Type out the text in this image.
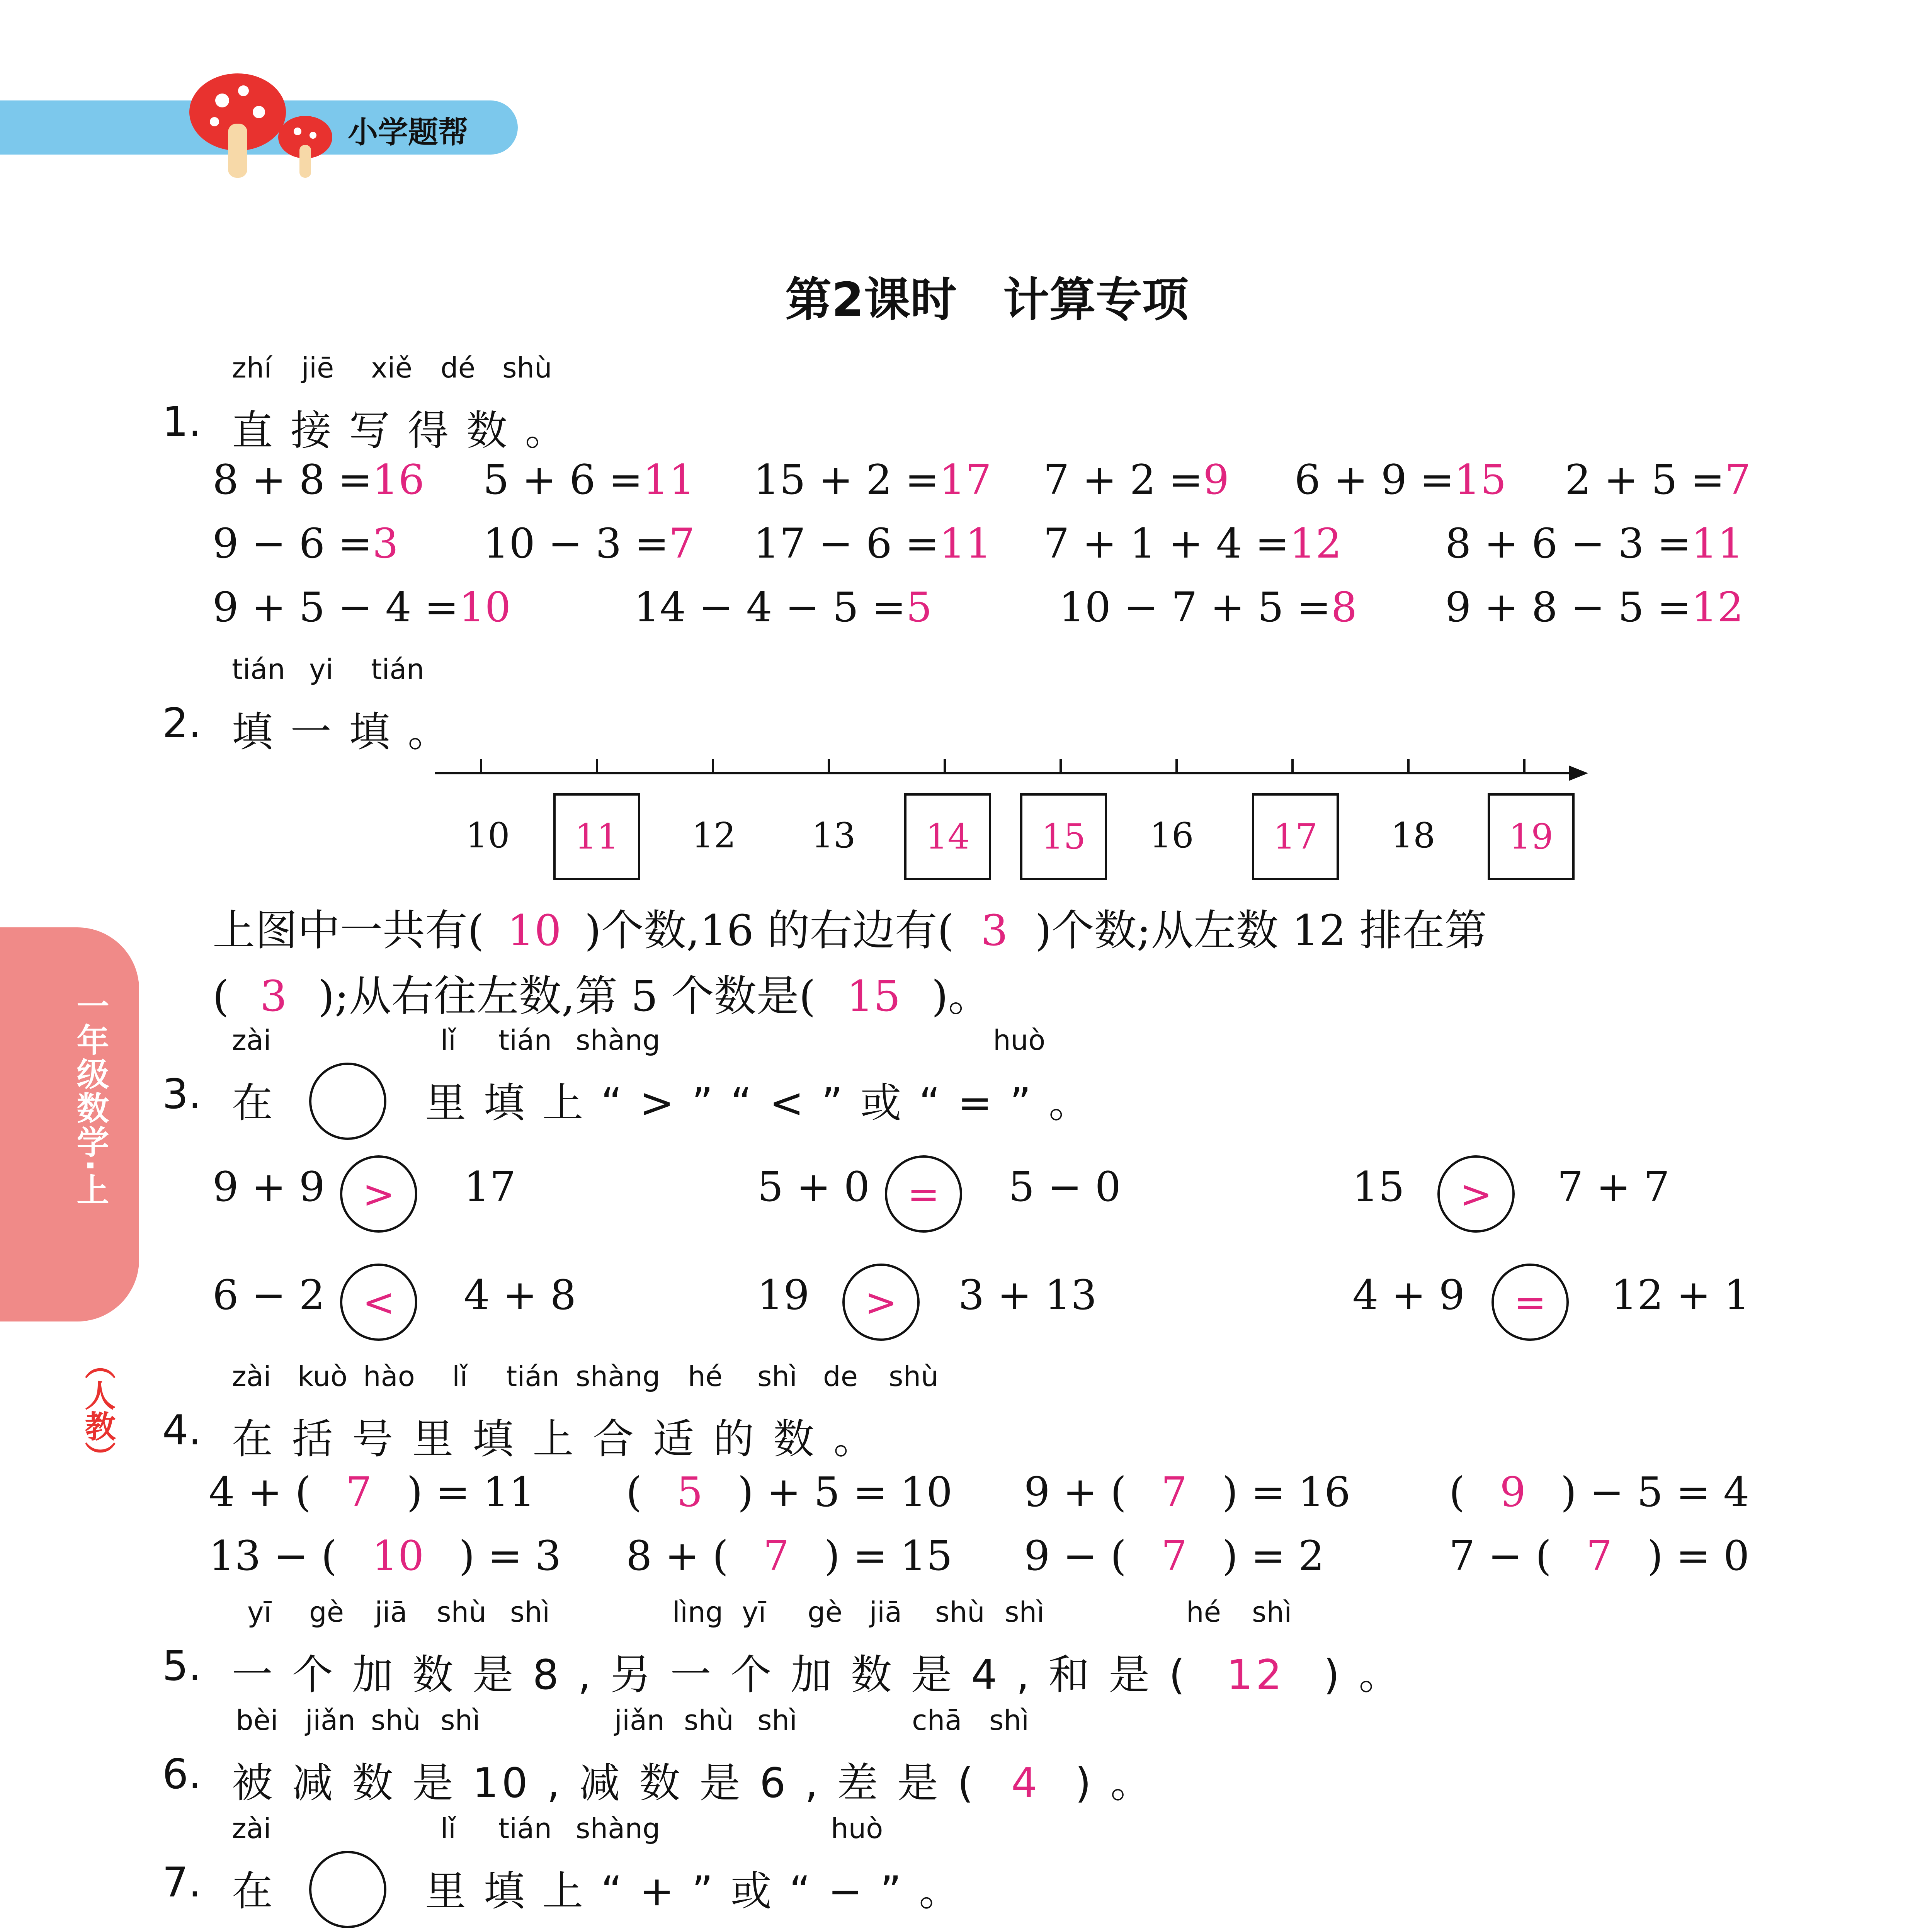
小学题帮
一年级数学·上
（人教）
第2课时　计算专项
zhí jiē xiě dé shù
1. 直 接 写 得 数 。
8 + 8 =16 5 + 6 =11 15 + 2 =17 7 + 2 =9 6 + 9 =15 2 + 5 =7
9 − 6 =3 10 − 3 =7 17 − 6 =11 7 + 1 + 4 =12	8 + 6 − 3 =11
9 + 5 − 4 =10	14 − 4 − 5 =5	10 − 7 + 5 =8 9 + 8 − 5 =12
tián yi tián
2. 填 一 填 。
10	11	12 13	14	15	16	17	18	19
上图中一共有( 10 )个数,16 的右边有( 3 )个数;从左数 12 排在第
( 3 );从右往左数,第 5 个数是( 15 )。
zài	lǐ tián shàng	huò
3. 在	里 填 上 “ > ” “ < ” 或 “ = ” 。
9 + 9 >	17	5 + 0 =	5 − 0	15	>	7 + 7
6 − 2 <	4 + 8	19	>	3 + 13	4 + 9	=	12 + 1
zài kuò hào lǐ tián shàng hé shì de shù
4. 在 括 号 里 填 上 合 适 的 数 。
4 + ( 7 ) = 11 ( 5 ) + 5 = 10 9 + ( 7 ) = 16 ( 9 ) − 5 = 4
13 − ( 10 ) = 3 8 + ( 7 ) = 15 9 − ( 7 ) = 2	7 − ( 7 ) = 0
yī gè jiā shù shì	lìng yī gè jiā shù shì	hé shì
5. 一 个 加 数 是 8 , 另 一 个 加 数 是 4 , 和 是 ( 12 ) 。
bèi jiǎn shù shì	jiǎn shù shì	chā shì
6. 被 减 数 是 10 , 减 数 是 6 , 差 是 ( 4 ) 。
zài	lǐ tián shàng	huò
7. 在	里 填 上 “ + ” 或 “ − ” 。
